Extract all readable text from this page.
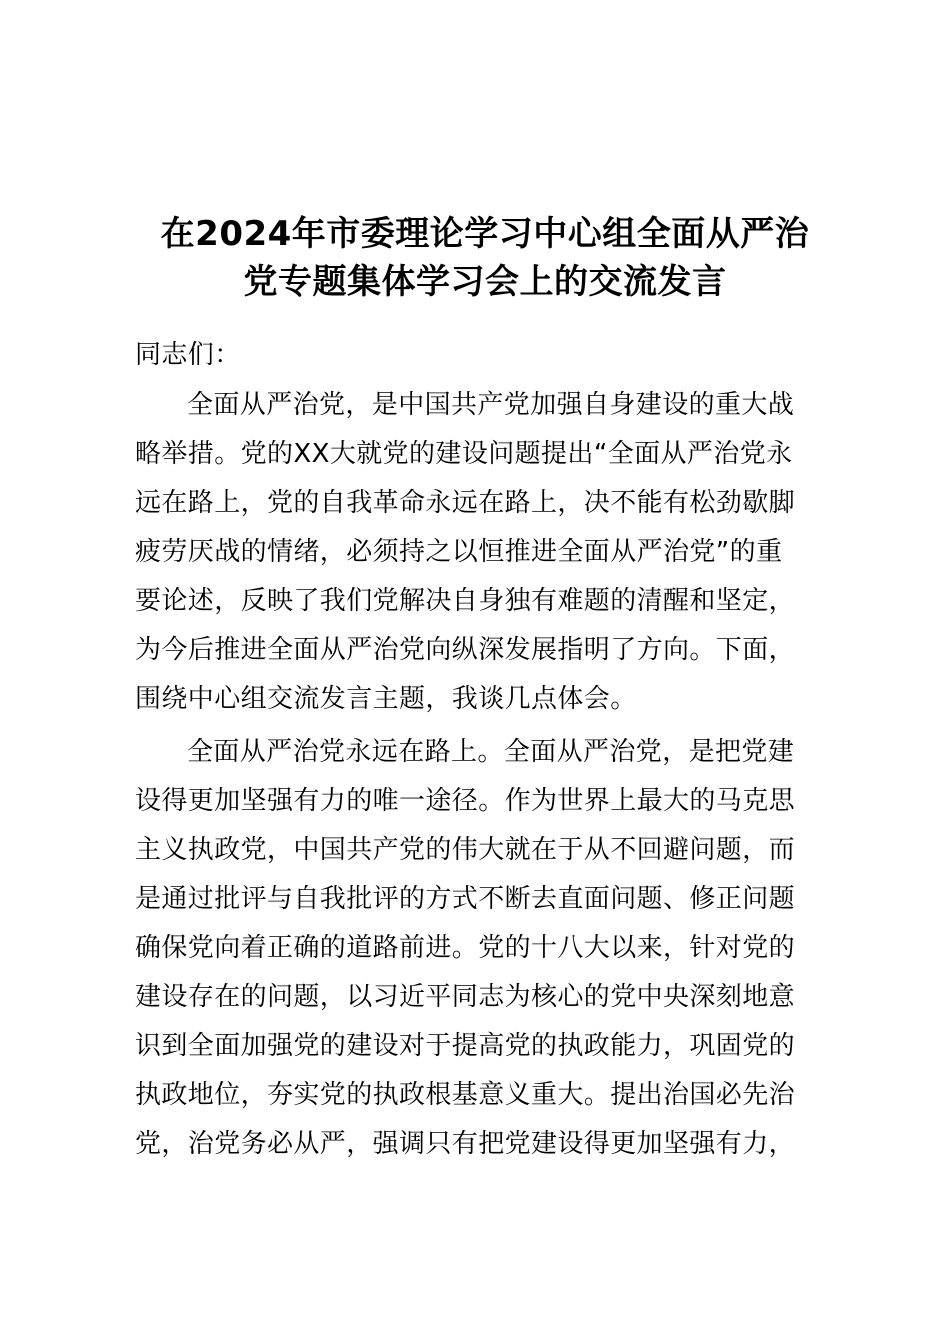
在2024年市委理论学习中心组全面从严治
党专题集体学习会上的交流发言
同志们：
全面从严治党，是中国共产党加强自身建设的重大战
略举措。党的XX大就党的建设问题提出“全面从严治党永
远在路上，党的自我革命永远在路上，决不能有松劲歇脚
疲劳厌战的情绪，必须持之以恒推进全面从严治党”的重
要论述，反映了我们党解决自身独有难题的清醒和坚定，
为今后推进全面从严治党向纵深发展指明了方向。下面，
围绕中心组交流发言主题，我谈几点体会。
全面从严治党永远在路上。全面从严治党，是把党建
设得更加坚强有力的唯一途径。作为世界上最大的马克思
主义执政党，中国共产党的伟大就在于从不回避问题，而
是通过批评与自我批评的方式不断去直面问题、修正问题
确保党向着正确的道路前进。党的十八大以来，针对党的
建设存在的问题，以习近平同志为核心的党中央深刻地意
识到全面加强党的建设对于提高党的执政能力，巩固党的
执政地位，夯实党的执政根基意义重大。提出治国必先治
党，治党务必从严，强调只有把党建设得更加坚强有力，
